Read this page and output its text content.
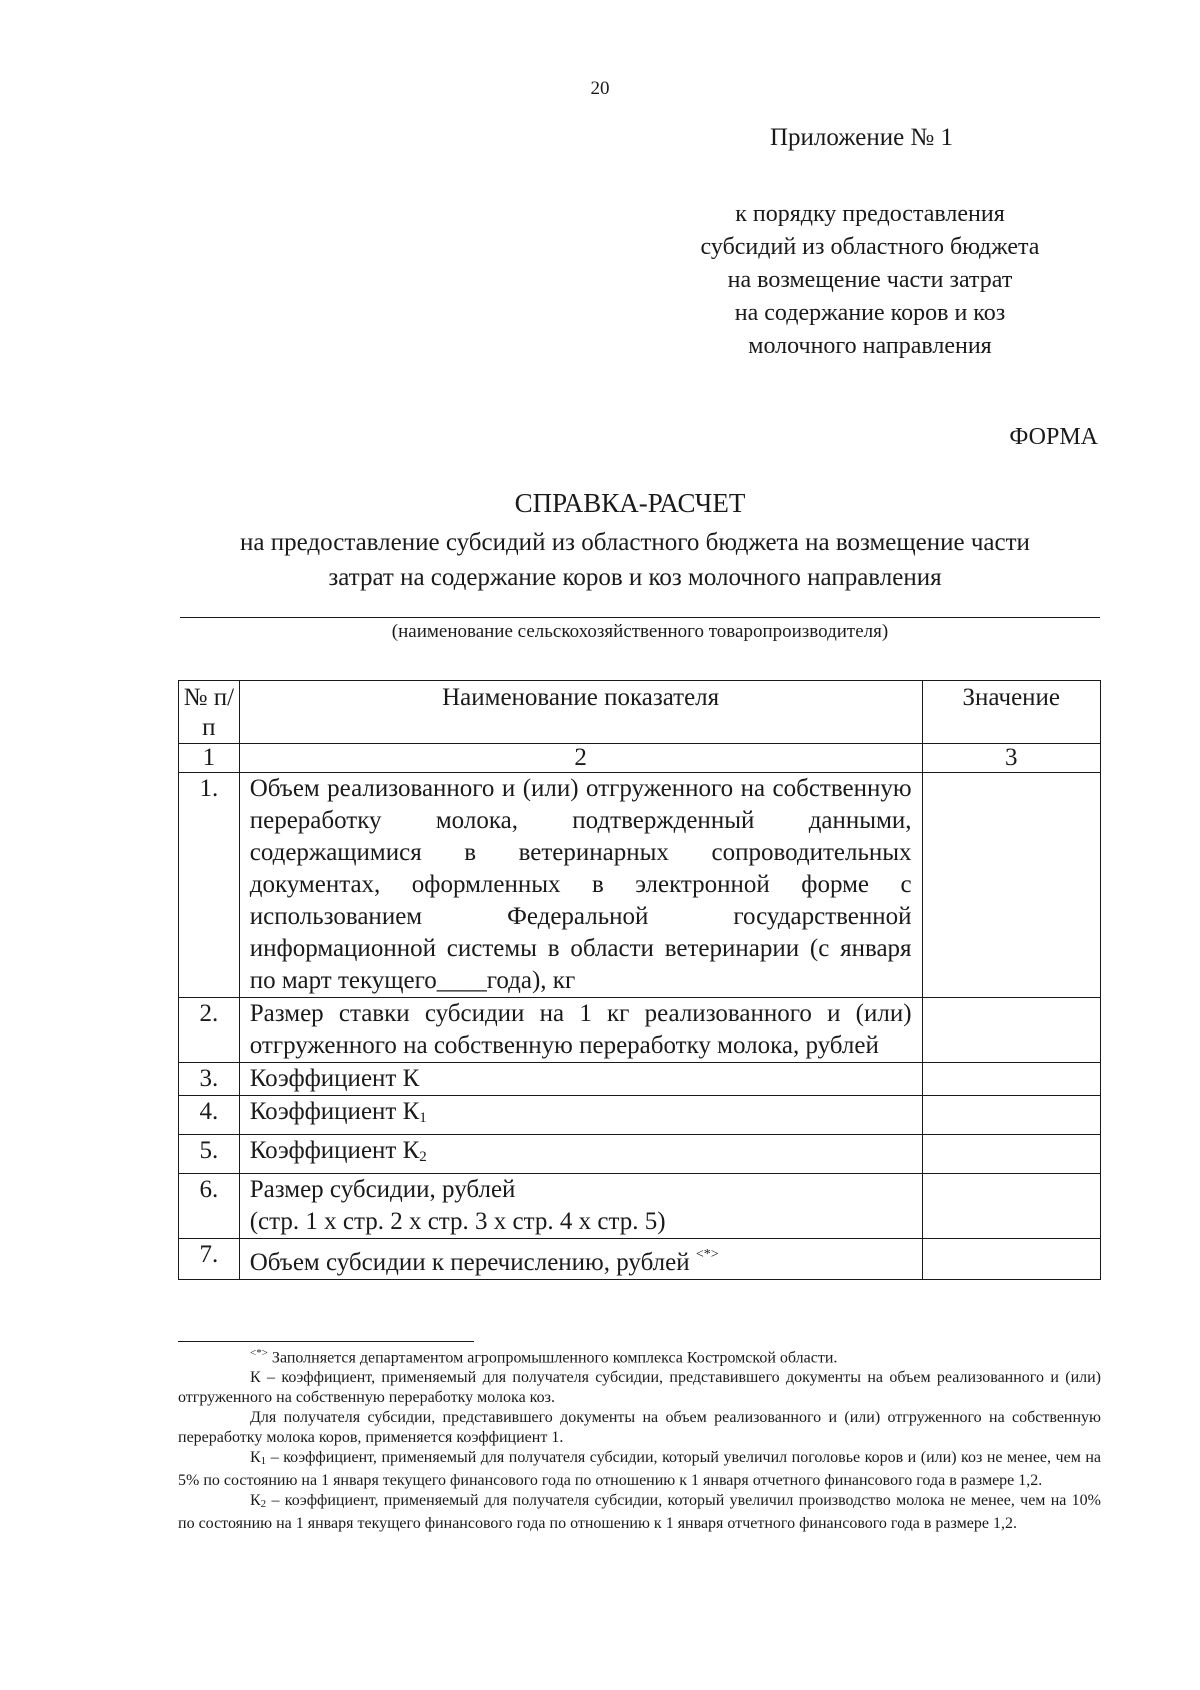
20
Приложение № 1
к порядку предоставления
субсидий из областного бюджета
на возмещение части затрат
на содержание коров и коз
молочного направления
ФОРМА
СПРАВКА-РАСЧЕТ
на предоставление субсидий из областного бюджета на возмещение части
затрат на содержание коров и коз молочного направления
(наименование сельскохозяйственного товаропроизводителя)
№ п/п	Наименование показателя	Значение
1	2	3
1.	Объем реализованного и (или) отгруженного на собственную переработку молока, подтвержденный данными, содержащимися в ветеринарных сопроводительных документах, оформленных в электронной форме с использованием Федеральной государственной информационной системы в области ветеринарии (с января по март текущего____года), кг	

2.	Размер ставки субсидии на 1 кг реализованного и (или) отгруженного на собственную переработку молока, рублей	

3.	Коэффициент К	

4.	Коэффициент $К_1$

5.	Коэффициент $К_2$

6.	Размер субсидии, рублей
(стр. 1 х стр. 2 х стр. 3 х стр. 4 х стр. 5)	

7.	Объем субсидии к перечислению, рублей <*>

<*> Заполняется департаментом агропромышленного комплекса Костромской области.

К – коэффициент, применяемый для получателя субсидии, представившего документы на объем реализованного и (или) отгруженного на собственную переработку молока коз.

Для получателя субсидии, представившего документы на объем реализованного и (или) отгруженного на собственную переработку молока коров, применяется коэффициент 1.

$К_1$ – коэффициент, применяемый для получателя субсидии, который увеличил поголовье коров и (или) коз не менее, чем на 5% по состоянию на 1 января текущего финансового года по отношению к 1 января отчетного финансового года в размере 1,2.

$К_2$ – коэффициент, применяемый для получателя субсидии, который увеличил производство молока не менее, чем на 10% по состоянию на 1 января текущего финансового года по отношению к 1 января отчетного финансового года в размере 1,2.
